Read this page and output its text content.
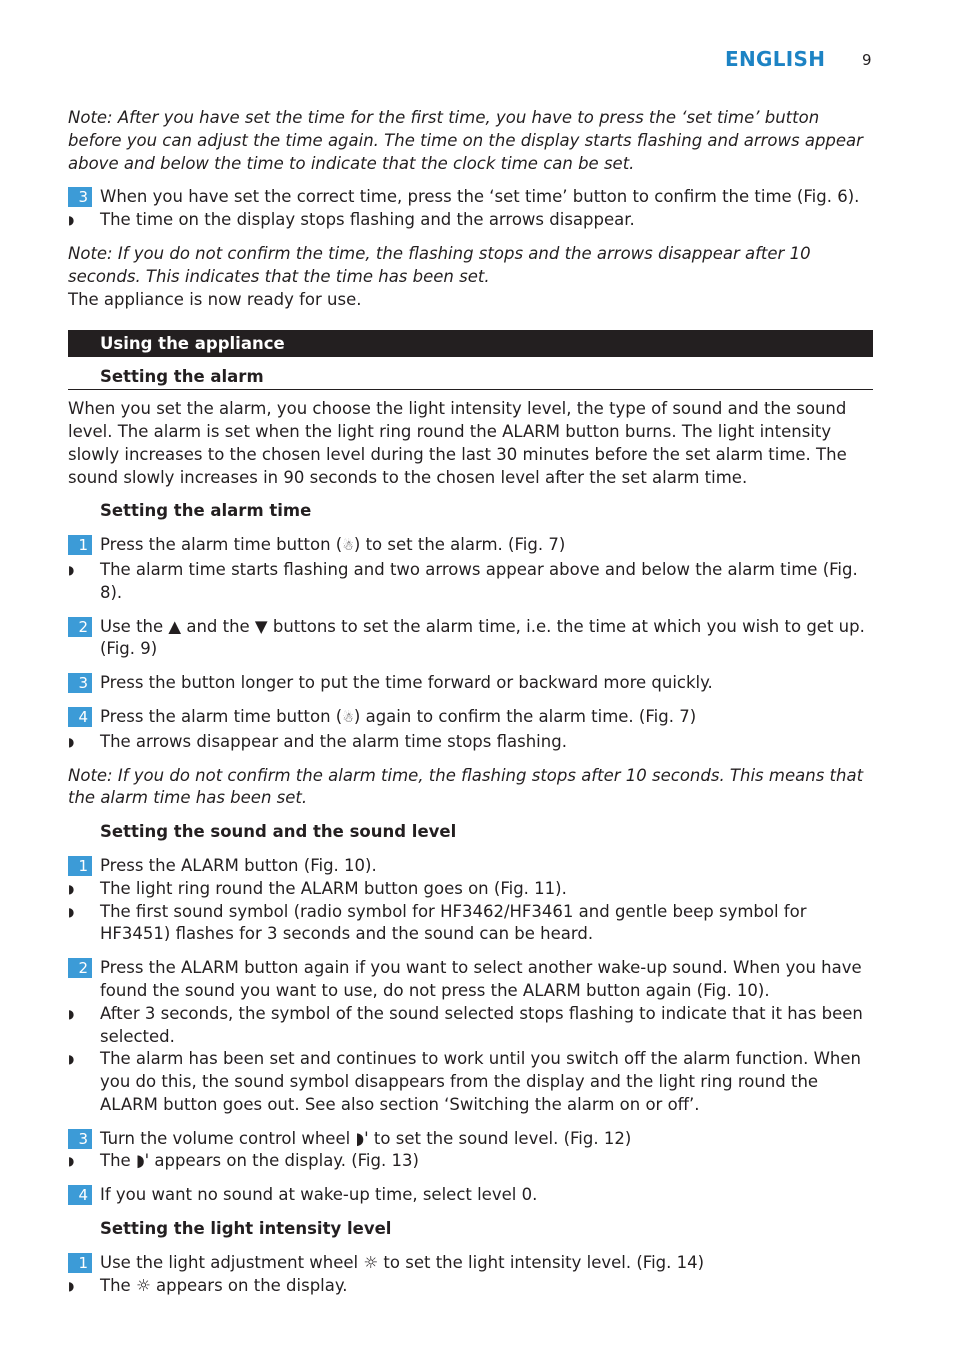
ENGLISH 9
Note: After you have set the time for the first time, you have to press the ‘set time’ button before you can adjust the time again. The time on the display starts flashing and arrows appear above and below the time to indicate that the clock time can be set.
3 When you have set the correct time, press the ‘set time’ button to confirm the time (Fig. 6).
◗	The time on the display stops flashing and the arrows disappear.
Note: If you do not confirm the time, the flashing stops and the arrows disappear after 10 seconds. This indicates that the time has been set.
The appliance is now ready for use.
Using the appliance
Setting the alarm
When you set the alarm, you choose the light intensity level, the type of sound and the sound level. The alarm is set when the light ring round the ALARM button burns. The light intensity slowly increases to the chosen level during the last 30 minutes before the set alarm time. The sound slowly increases in 90 seconds to the chosen level after the set alarm time.
Setting the alarm time
1 Press the alarm time button (☃) to set the alarm. (Fig. 7)
◗	The alarm time starts flashing and two arrows appear above and below the alarm time (Fig. 8).
2 Use the ▲ and the ▼ buttons to set the alarm time, i.e. the time at which you wish to get up. (Fig. 9)
3 Press the button longer to put the time forward or backward more quickly.
4 Press the alarm time button (☃) again to confirm the alarm time. (Fig. 7)
◗	The arrows disappear and the alarm time stops flashing.
Note: If you do not confirm the alarm time, the flashing stops after 10 seconds. This means that the alarm time has been set.
Setting the sound and the sound level
1 Press the ALARM button (Fig. 10).
◗	The light ring round the ALARM button goes on (Fig. 11).
◗	The first sound symbol (radio symbol for HF3462/HF3461 and gentle beep symbol for HF3451) flashes for 3 seconds and the sound can be heard.
2 Press the ALARM button again if you want to select another wake-up sound. When you have found the sound you want to use, do not press the ALARM button again (Fig. 10).
◗	After 3 seconds, the symbol of the sound selected stops flashing to indicate that it has been selected.
◗	The alarm has been set and continues to work until you switch off the alarm function. When you do this, the sound symbol disappears from the display and the light ring round the ALARM button goes out. See also section ‘Switching the alarm on or off’.
3 Turn the volume control wheel ◗ꞌ to set the sound level. (Fig. 12)
◗	The ◗ꞌ appears on the display. (Fig. 13)
4 If you want no sound at wake-up time, select level 0.
Setting the light intensity level
1 Use the light adjustment wheel ☼ to set the light intensity level. (Fig. 14)
◗	The ☼ appears on the display.
